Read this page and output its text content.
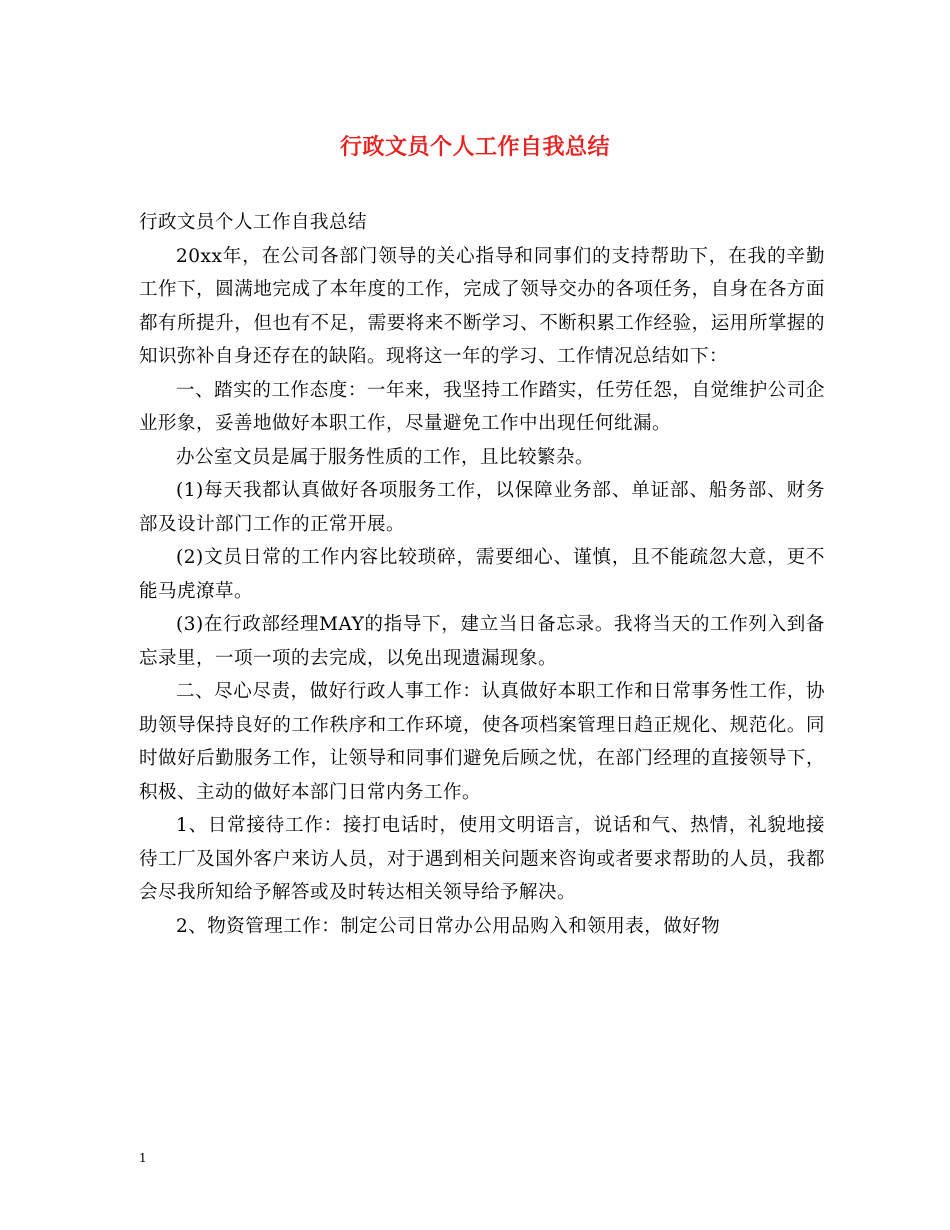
行政文员个人工作自我总结

行政文员个人工作自我总结

20xx年，在公司各部门领导的关心指导和同事们的支持帮助下，在我的辛勤工作下，圆满地完成了本年度的工作，完成了领导交办的各项任务，自身在各方面都有所提升，但也有不足，需要将来不断学习、不断积累工作经验，运用所掌握的知识弥补自身还存在的缺陷。现将这一年的学习、工作情况总结如下：

一、踏实的工作态度：一年来，我坚持工作踏实，任劳任怨，自觉维护公司企业形象，妥善地做好本职工作，尽量避免工作中出现任何纰漏。

办公室文员是属于服务性质的工作，且比较繁杂。

(1)每天我都认真做好各项服务工作，以保障业务部、单证部、船务部、财务部及设计部门工作的正常开展。

(2)文员日常的工作内容比较琐碎，需要细心、谨慎，且不能疏忽大意，更不能马虎潦草。

(3)在行政部经理MAY的指导下，建立当日备忘录。我将当天的工作列入到备忘录里，一项一项的去完成，以免出现遗漏现象。

二、尽心尽责，做好行政人事工作：认真做好本职工作和日常事务性工作，协助领导保持良好的工作秩序和工作环境，使各项档案管理日趋正规化、规范化。同时做好后勤服务工作，让领导和同事们避免后顾之忧，在部门经理的直接领导下，积极、主动的做好本部门日常内务工作。

1、日常接待工作：接打电话时，使用文明语言，说话和气、热情，礼貌地接待工厂及国外客户来访人员，对于遇到相关问题来咨询或者要求帮助的人员，我都会尽我所知给予解答或及时转达相关领导给予解决。

2、物资管理工作：制定公司日常办公用品购入和领用表，做好物

1
